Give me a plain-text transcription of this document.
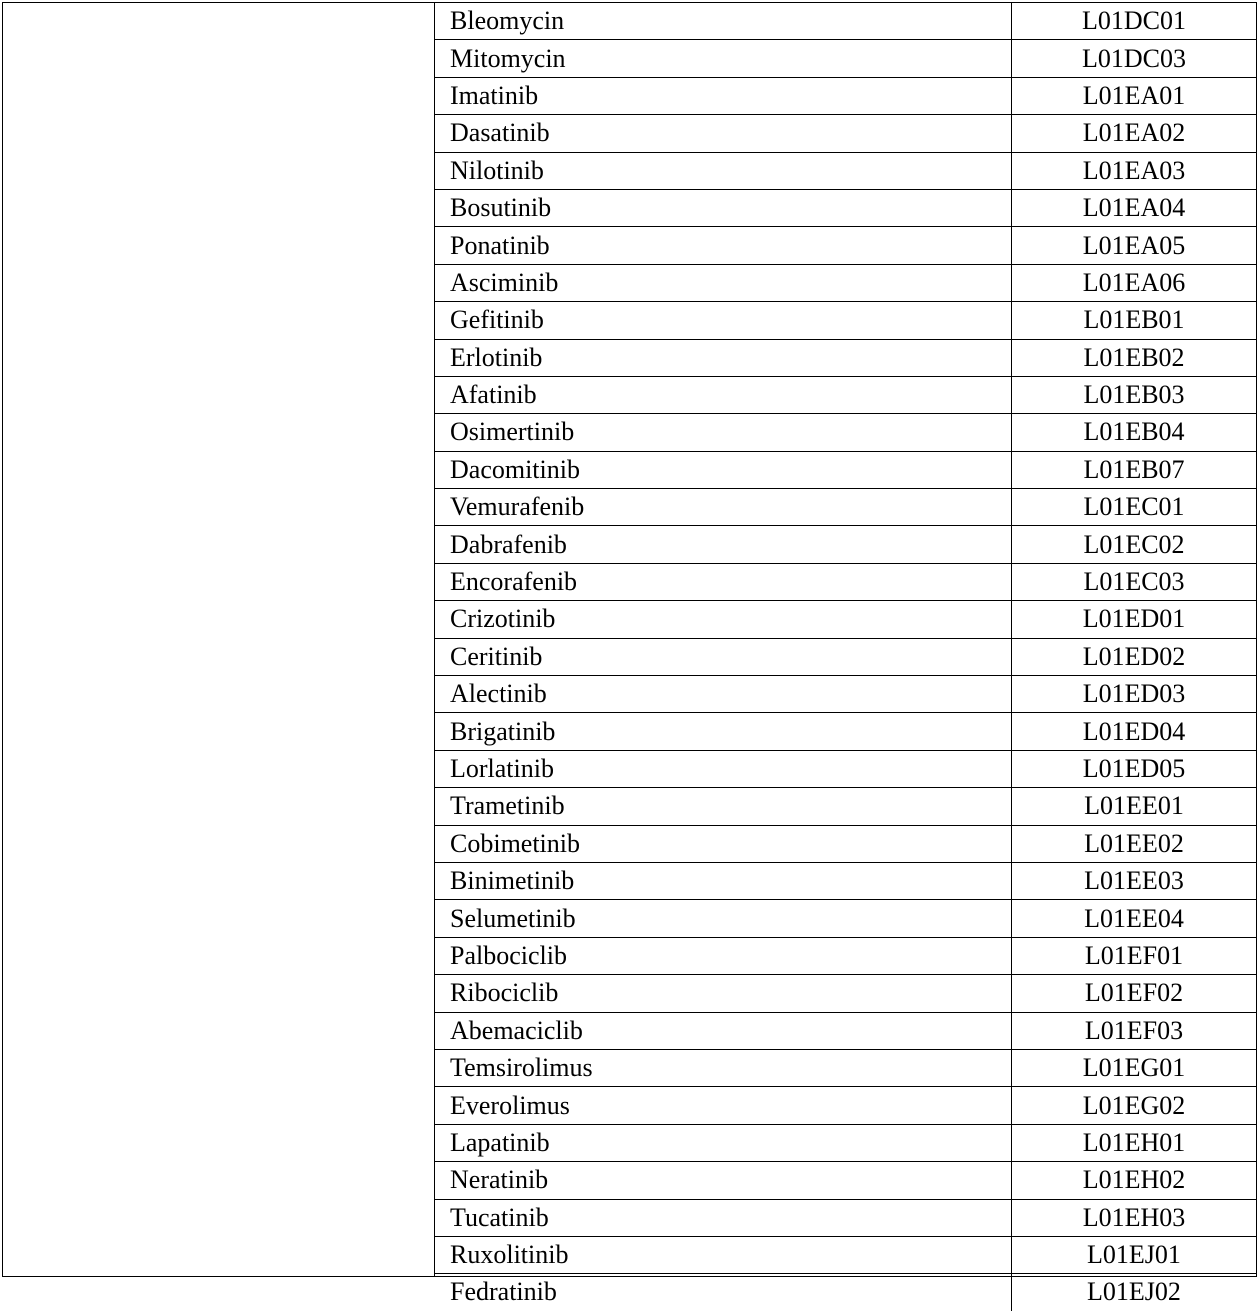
Bleomycin	L01DC01
Mitomycin	L01DC03
Imatinib	L01EA01
Dasatinib	L01EA02
Nilotinib	L01EA03
Bosutinib	L01EA04
Ponatinib	L01EA05
Asciminib	L01EA06
Gefitinib	L01EB01
Erlotinib	L01EB02
Afatinib	L01EB03
Osimertinib	L01EB04
Dacomitinib	L01EB07
Vemurafenib	L01EC01
Dabrafenib	L01EC02
Encorafenib	L01EC03
Crizotinib	L01ED01
Ceritinib	L01ED02
Alectinib	L01ED03
Brigatinib	L01ED04
Lorlatinib	L01ED05
Trametinib	L01EE01
Cobimetinib	L01EE02
Binimetinib	L01EE03
Selumetinib	L01EE04
Palbociclib	L01EF01
Ribociclib	L01EF02
Abemaciclib	L01EF03
Temsirolimus	L01EG01
Everolimus	L01EG02
Lapatinib	L01EH01
Neratinib	L01EH02
Tucatinib	L01EH03
Ruxolitinib	L01EJ01
Fedratinib	L01EJ02
